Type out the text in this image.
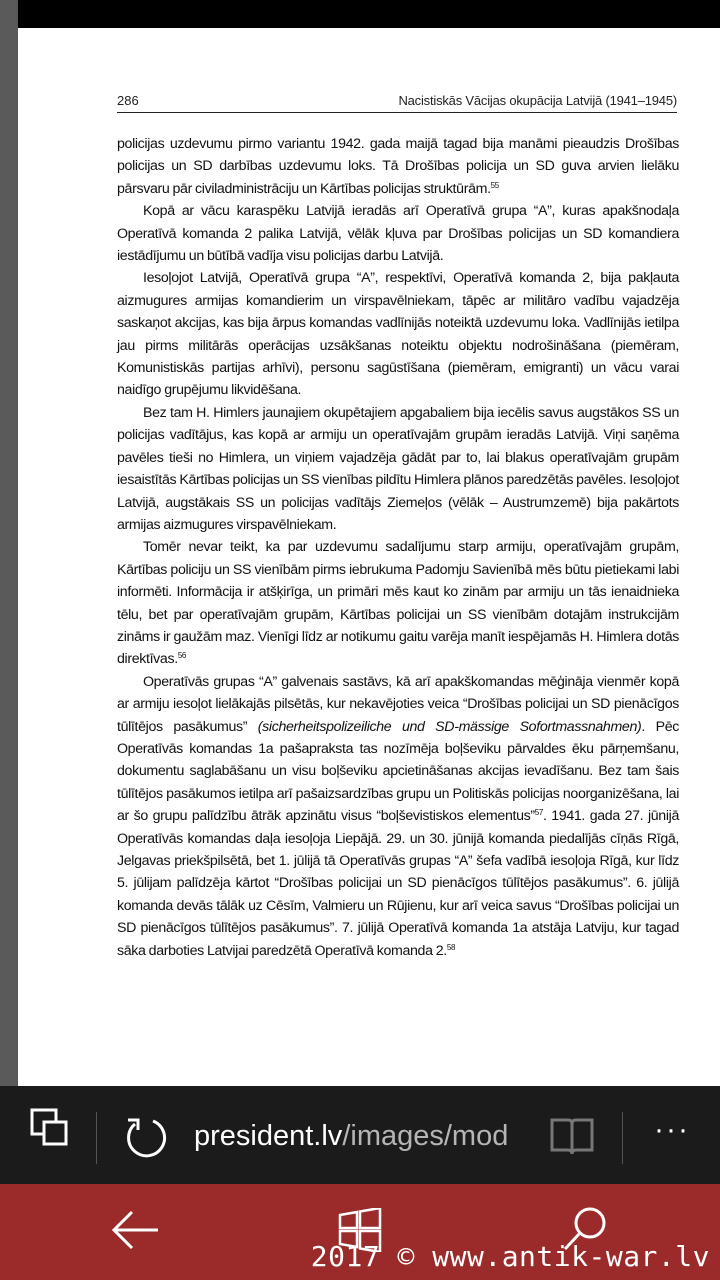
286	Nacistiskās Vācijas okupācija Latvijā (1941–1945)

policijas uzdevumu pirmo variantu 1942. gada maijā tagad bija manāmi pieaudzis Drošības policijas un SD darbības uzdevumu loks. Tā Drošības policija un SD guva arvien lielāku pārsvaru pār civiladministrāciju un Kārtības policijas struktūrām.$^{55}$

Kopā ar vācu karaspēku Latvijā ieradās arī Operatīvā grupa “A”, kuras apakšnodaļa Operatīvā komanda 2 palika Latvijā, vēlāk kļuva par Drošības policijas un SD komandiera iestādījumu un būtībā vadīja visu policijas darbu Latvijā.

Iesoļojot Latvijā, Operatīvā grupa “A”, respektīvi, Operatīvā komanda 2, bija pakļauta aizmugures armijas komandierim un virspavēlniekam, tāpēc ar militāro vadību vajadzēja saskaņot akcijas, kas bija ārpus komandas vadlīnijās noteiktā uzdevumu loka. Vadlīnijās ietilpa jau pirms militārās operācijas uzsākšanas noteiktu objektu nodrošināšana (piemēram, Komunistiskās partijas arhīvi), personu sagūstīšana (piemēram, emigranti) un vācu varai naidīgo grupējumu likvidēšana.

Bez tam H. Himlers jaunajiem okupētajiem apgabaliem bija iecēlis savus augstākos SS un policijas vadītājus, kas kopā ar armiju un operatīvajām grupām ieradās Latvijā. Viņi saņēma pavēles tieši no Himlera, un viņiem vajadzēja gādāt par to, lai blakus operatīvajām grupām iesaistītās Kārtības policijas un SS vienības pildītu Himlera plānos paredzētās pavēles. Iesoļojot Latvijā, augstākais SS un policijas vadītājs Ziemeļos (vēlāk – Austrumzemē) bija pakārtots armijas aizmugures virspavēlniekam.

Tomēr nevar teikt, ka par uzdevumu sadalījumu starp armiju, operatīvajām grupām, Kārtības policiju un SS vienībām pirms iebrukuma Padomju Savienībā mēs būtu pietiekami labi informēti. Informācija ir atšķirīga, un primāri mēs kaut ko zinām par armiju un tās ienaidnieka tēlu, bet par operatīvajām grupām, Kārtības policijai un SS vienībām dotajām instrukcijām zināms ir gaužām maz. Vienīgi līdz ar notikumu gaitu varēja manīt iespējamās H. Himlera dotās direktīvas.$^{56}$

Operatīvās grupas “A” galvenais sastāvs, kā arī apakškomandas mēģināja vienmēr kopā ar armiju iesoļot lielākajās pilsētās, kur nekavējoties veica “Drošības policijai un SD pienācīgos tūlītējos pasākumus” (sicherheitspolizeiliche und SD-mässige Sofortmassnahmen). Pēc Operatīvās komandas 1a pašapraksta tas nozīmēja boļševiku pārvaldes ēku pārņemšanu, dokumentu saglabāšanu un visu boļševiku apcietināšanas akcijas ievadīšanu. Bez tam šais tūlītējos pasākumos ietilpa arī pašaizsardzības grupu un Politiskās policijas noorganizēšana, lai ar šo grupu palīdzību ātrāk apzinātu visus “boļševistiskos elementus”$^{57}$. 1941. gada 27. jūnijā Operatīvās komandas daļa iesoļoja Liepājā. 29. un 30. jūnijā komanda piedalījās cīņās Rīgā, Jelgavas priekšpilsētā, bet 1. jūlijā tā Operatīvās grupas “A” šefa vadībā iesoļoja Rīgā, kur līdz 5. jūlijam palīdzēja kārtot “Drošības policijai un SD pienācīgos tūlītējos pasākumus”. 6. jūlijā komanda devās tālāk uz Cēsīm, Valmieru un Rūjienu, kur arī veica savus “Drošības policijai un SD pienācīgos tūlītējos pasākumus”. 7. jūlijā Operatīvā komanda 1a atstāja Latviju, kur tagad sāka darboties Latvijai paredzētā Operatīvā komanda 2.58

president.lv/images/mod	···
2017 © www.antik-war.lv
